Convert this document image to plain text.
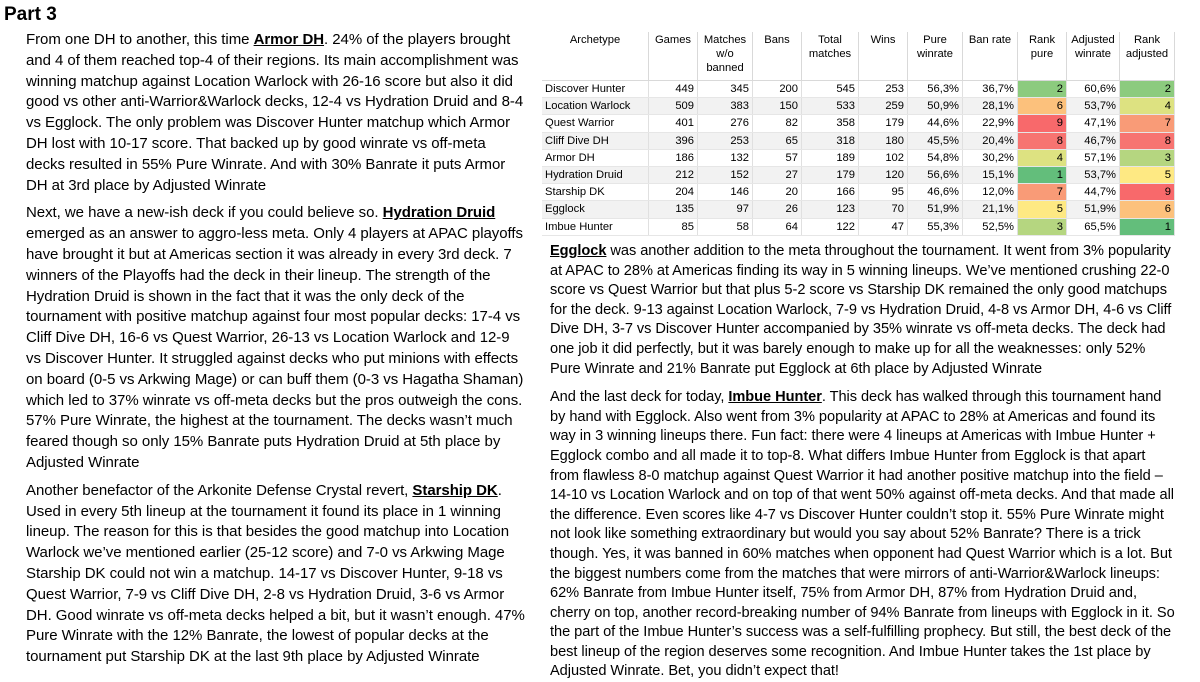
Part 3

From one DH to another, this time Armor DH. 24% of the players brought and 4 of them reached top-4 of their regions. Its main accomplishment was winning matchup against Location Warlock with 26-16 score but also it did good vs other anti-Warrior&Warlock decks, 12-4 vs Hydration Druid and 8-4 vs Egglock. The only problem was Discover Hunter matchup which Armor DH lost with 10-17 score. That backed up by good winrate vs off-meta decks resulted in 55% Pure Winrate. And with 30% Banrate it puts Armor DH at 3rd place by Adjusted Winrate

Next, we have a new-ish deck if you could believe so. Hydration Druid emerged as an answer to aggro-less meta. Only 4 players at APAC playoffs have brought it but at Americas section it was already in every 3rd deck. 7 winners of the Playoffs had the deck in their lineup. The strength of the Hydration Druid is shown in the fact that it was the only deck of the tournament with positive matchup against four most popular decks: 17-4 vs Cliff Dive DH, 16-6 vs Quest Warrior, 26-13 vs Location Warlock and 12-9 vs Discover Hunter. It struggled against decks who put minions with effects on board (0-5 vs Arkwing Mage) or can buff them (0-3 vs Hagatha Shaman) which led to 37% winrate vs off-meta decks but the pros outweigh the cons. 57% Pure Winrate, the highest at the tournament. The decks wasn’t much feared though so only 15% Banrate puts Hydration Druid at 5th place by Adjusted Winrate

Another benefactor of the Arkonite Defense Crystal revert, Starship DK. Used in every 5th lineup at the tournament it found its place in 1 winning lineup. The reason for this is that besides the good matchup into Location Warlock we’ve mentioned earlier (25-12 score) and 7-0 vs Arkwing Mage Starship DK could not win a matchup. 14-17 vs Discover Hunter, 9-18 vs Quest Warrior, 7-9 vs Cliff Dive DH, 2-8 vs Hydration Druid, 3-6 vs Armor DH. Good winrate vs off-meta decks helped a bit, but it wasn’t enough. 47% Pure Winrate with the 12% Banrate, the lowest of popular decks at the tournament put Starship DK at the last 9th place by Adjusted Winrate

Archetype	Games	Matches w/o banned	Bans	Total matches	Wins	Pure winrate	Ban rate	Rank pure	Adjusted winrate	Rank adjusted
Discover Hunter	449	345	200	545	253	56,3%	36,7%	2	60,6%	2
Location Warlock	509	383	150	533	259	50,9%	28,1%	6	53,7%	4
Quest Warrior	401	276	82	358	179	44,6%	22,9%	9	47,1%	7
Cliff Dive DH	396	253	65	318	180	45,5%	20,4%	8	46,7%	8
Armor DH	186	132	57	189	102	54,8%	30,2%	4	57,1%	3
Hydration Druid	212	152	27	179	120	56,6%	15,1%	1	53,7%	5
Starship DK	204	146	20	166	95	46,6%	12,0%	7	44,7%	9
Egglock	135	97	26	123	70	51,9%	21,1%	5	51,9%	6
Imbue Hunter	85	58	64	122	47	55,3%	52,5%	3	65,5%	1

Egglock was another addition to the meta throughout the tournament. It went from 3% popularity at APAC to 28% at Americas finding its way in 5 winning lineups. We’ve mentioned crushing 22-0 score vs Quest Warrior but that plus 5-2 score vs Starship DK remained the only good matchups for the deck. 9-13 against Location Warlock, 7-9 vs Hydration Druid, 4-8 vs Armor DH, 4-6 vs Cliff Dive DH, 3-7 vs Discover Hunter accompanied by 35% winrate vs off-meta decks. The deck had one job it did perfectly, but it was barely enough to make up for all the weaknesses: only 52% Pure Winrate and 21% Banrate put Egglock at 6th place by Adjusted Winrate

And the last deck for today, Imbue Hunter. This deck has walked through this tournament hand by hand with Egglock. Also went from 3% popularity at APAC to 28% at Americas and found its way in 3 winning lineups there. Fun fact: there were 4 lineups at Americas with Imbue Hunter + Egglock combo and all made it to top-8. What differs Imbue Hunter from Egglock is that apart from flawless 8-0 matchup against Quest Warrior it had another positive matchup into the field – 14-10 vs Location Warlock and on top of that went 50% against off-meta decks. And that made all the difference. Even scores like 4-7 vs Discover Hunter couldn’t stop it. 55% Pure Winrate might not look like something extraordinary but would you say about 52% Banrate? There is a trick though. Yes, it was banned in 60% matches when opponent had Quest Warrior which is a lot. But the biggest numbers come from the matches that were mirrors of anti-Warrior&Warlock lineups: 62% Banrate from Imbue Hunter itself, 75% from Armor DH, 87% from Hydration Druid and, cherry on top, another record-breaking number of 94% Banrate from lineups with Egglock in it. So the part of the Imbue Hunter’s success was a self-fulfilling prophecy. But still, the best deck of the best lineup of the region deserves some recognition. And Imbue Hunter takes the 1st place by Adjusted Winrate. Bet, you didn’t expect that!
